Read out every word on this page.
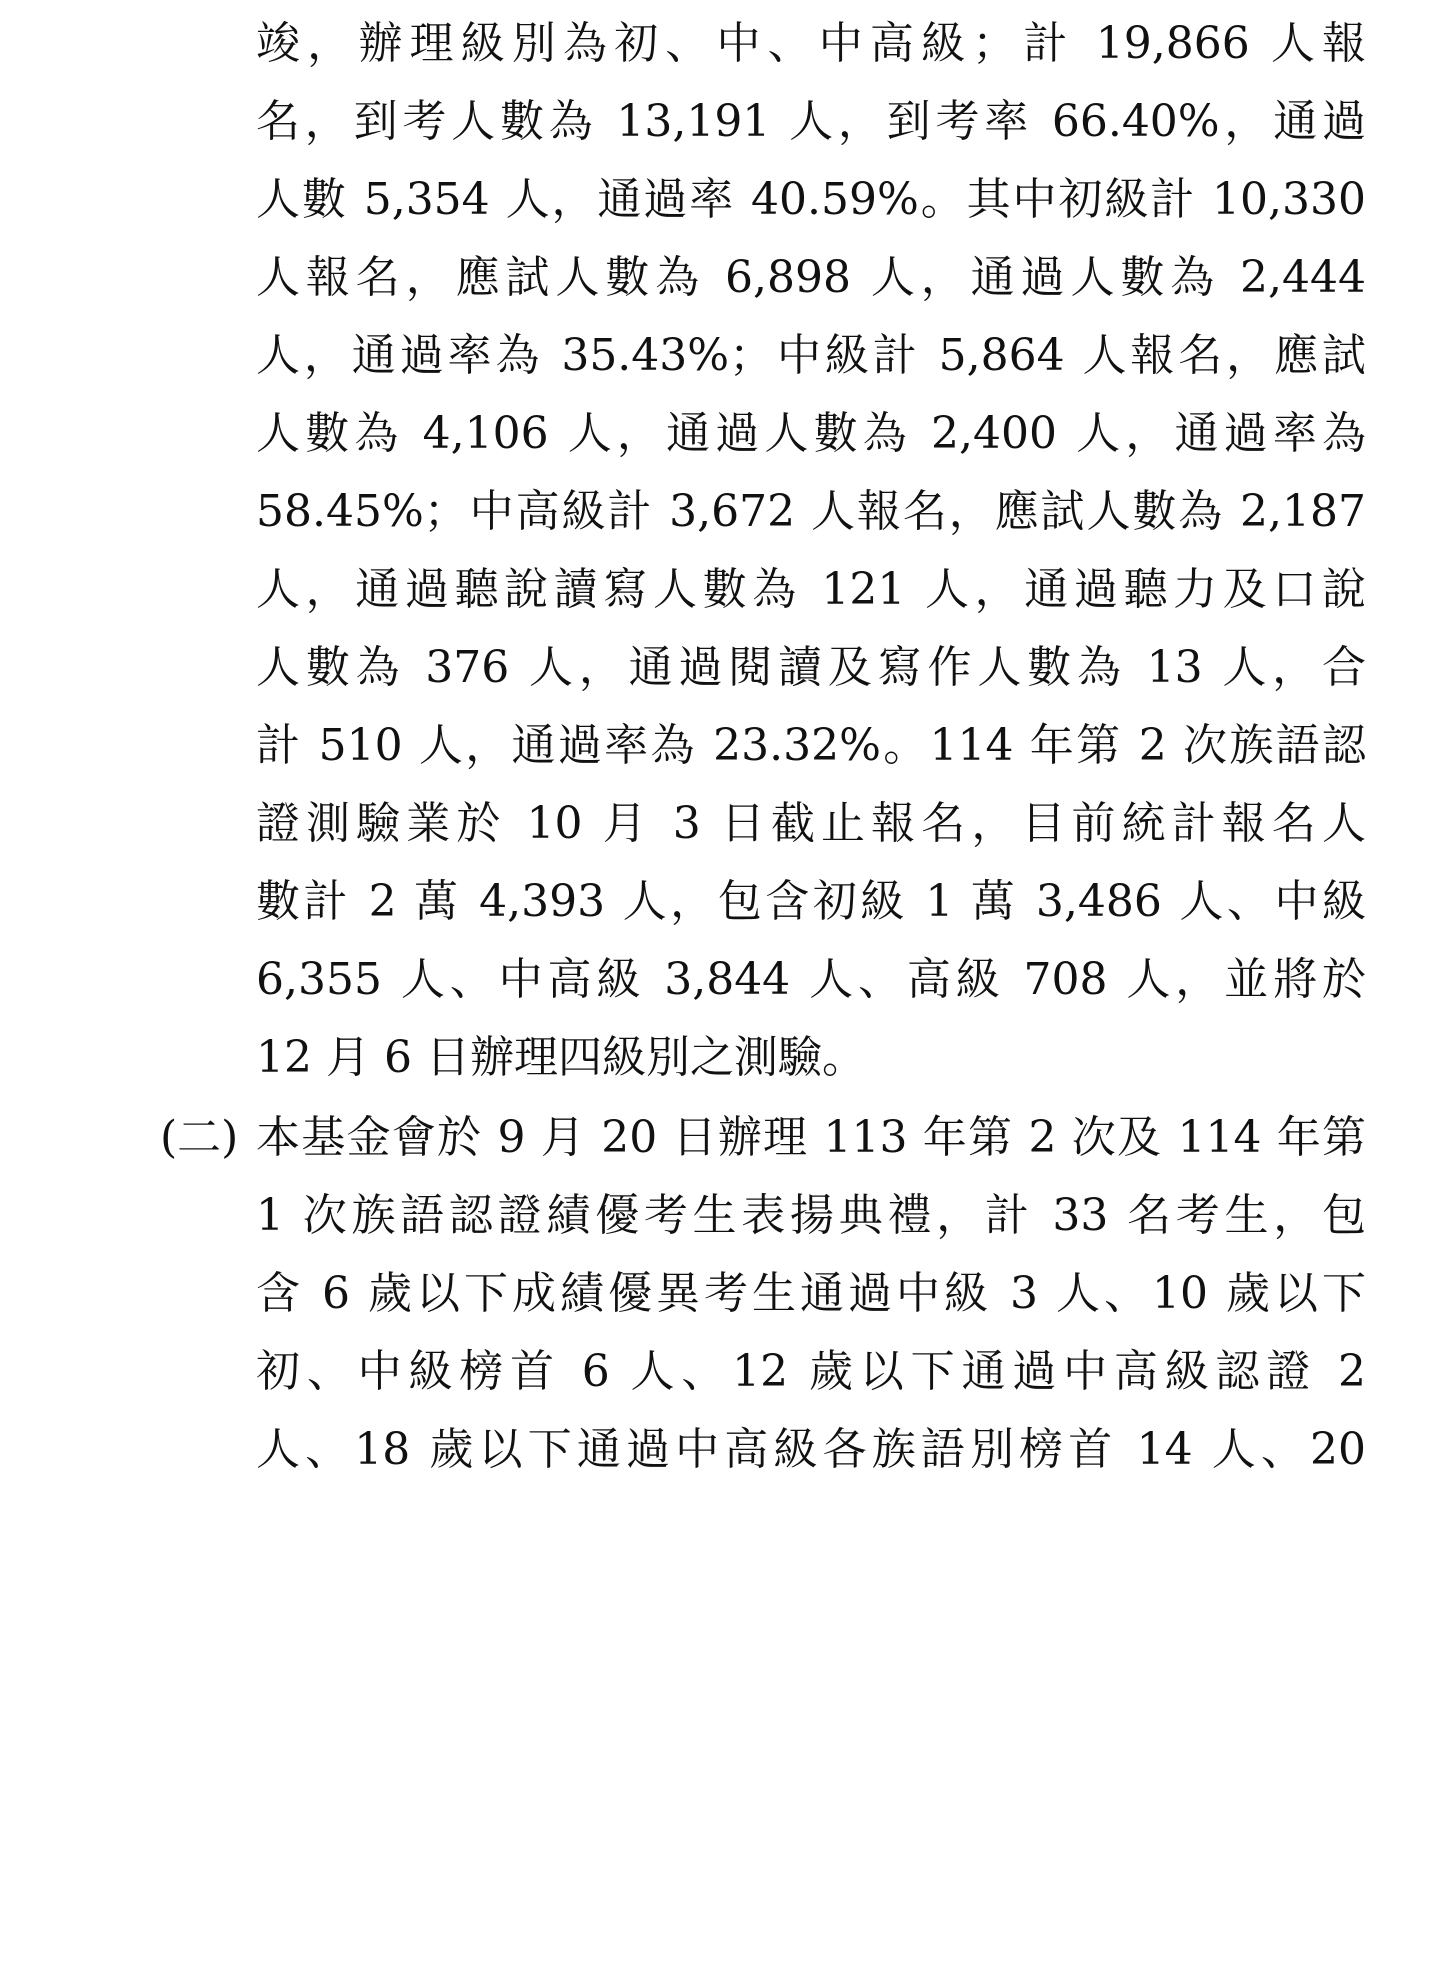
竣，辦理級別為初、中、中高級；計 19,866 人報
名，到考人數為 13,191 人，到考率 66.40%，通過
人數 5,354 人，通過率 40.59%。其中初級計 10,330
人報名，應試人數為 6,898 人，通過人數為 2,444
人，通過率為 35.43%；中級計 5,864 人報名，應試
人數為 4,106 人，通過人數為 2,400 人，通過率為
58.45%；中高級計 3,672 人報名，應試人數為 2,187
人，通過聽說讀寫人數為 121 人，通過聽力及口說
人數為 376 人，通過閱讀及寫作人數為 13 人，合
計 510 人，通過率為 23.32%。114 年第 2 次族語認
證測驗業於 10 月 3 日截止報名，目前統計報名人
數計 2 萬 4,393 人，包含初級 1 萬 3,486 人、中級
6,355 人、中高級 3,844 人、高級 708 人，並將於
12 月 6 日辦理四級別之測驗。
(二) 本基金會於 9 月 20 日辦理 113 年第 2 次及 114 年第
1 次族語認證績優考生表揚典禮，計 33 名考生，包
含 6 歲以下成績優異考生通過中級 3 人、10 歲以下
初、中級榜首 6 人、12 歲以下通過中高級認證 2
人、18 歲以下通過中高級各族語別榜首 14 人、20
